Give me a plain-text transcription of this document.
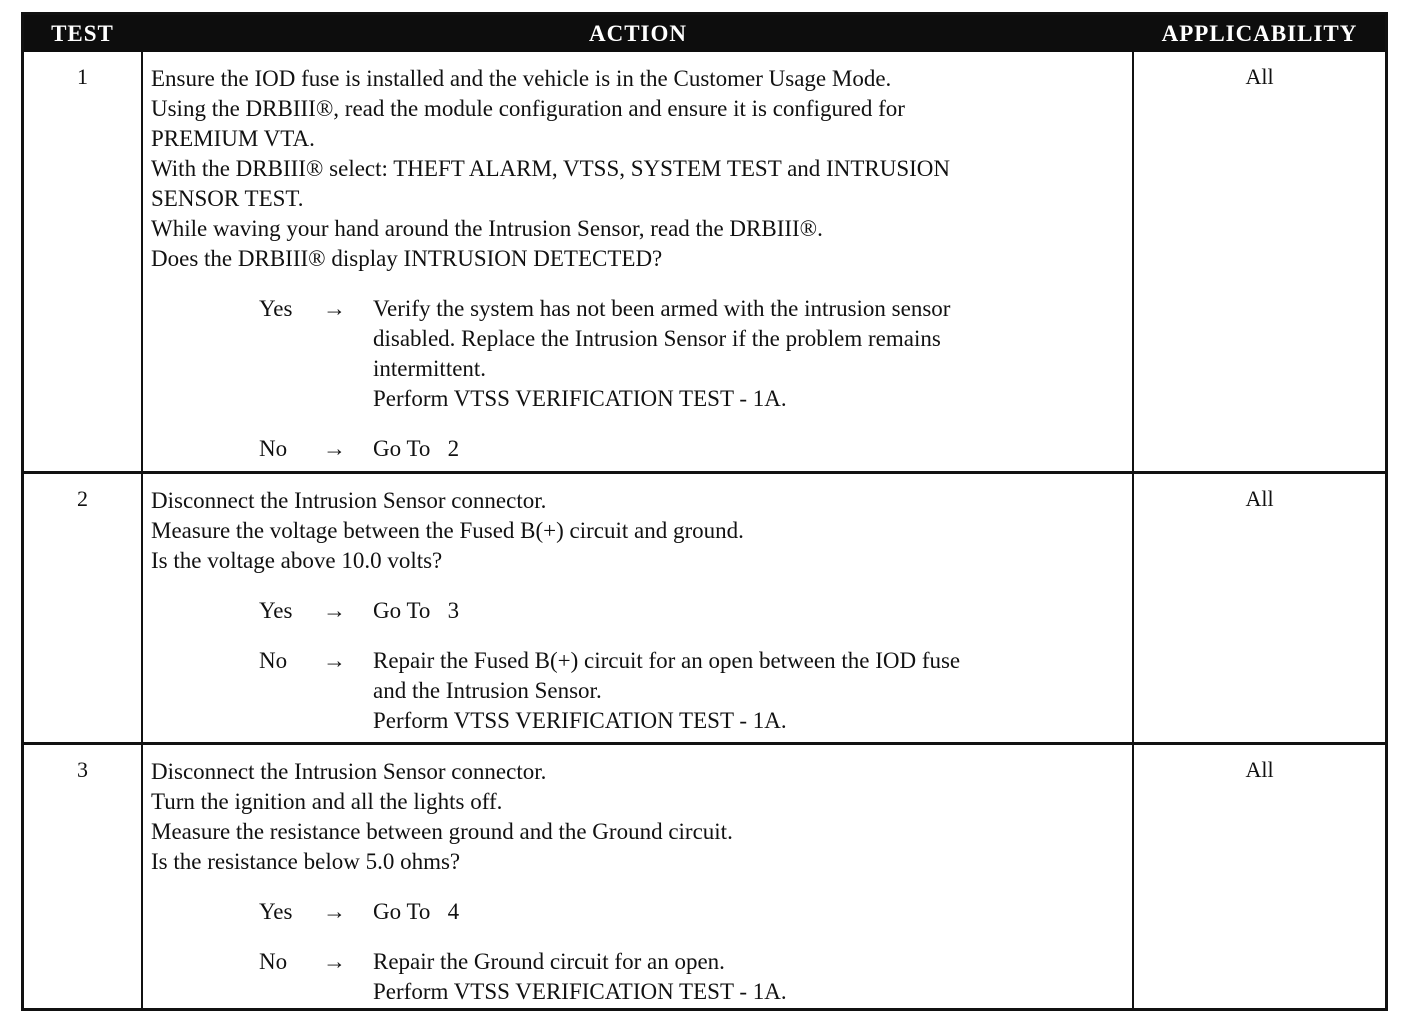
TEST	ACTION	APPLICABILITY
1	Ensure the IOD fuse is installed and the vehicle is in the Customer Usage Mode.
Using the DRBIII®, read the module configuration and ensure it is configured for
PREMIUM VTA.
With the DRBIII® select: THEFT ALARM, VTSS, SYSTEM TEST and INTRUSION
SENSOR TEST.
While waving your hand around the Intrusion Sensor, read the DRBIII®.
Does the DRBIII® display INTRUSION DETECTED?
Yes	→	Verify the system has not been armed with the intrusion sensor
disabled. Replace the Intrusion Sensor if the problem remains
intermittent.
Perform VTSS VERIFICATION TEST - 1A.
No	→	Go To   2
All
2	Disconnect the Intrusion Sensor connector.
Measure the voltage between the Fused B(+) circuit and ground.
Is the voltage above 10.0 volts?
Yes	→	Go To   3
No	→	Repair the Fused B(+) circuit for an open between the IOD fuse
and the Intrusion Sensor.
Perform VTSS VERIFICATION TEST - 1A.
All
3	Disconnect the Intrusion Sensor connector.
Turn the ignition and all the lights off.
Measure the resistance between ground and the Ground circuit.
Is the resistance below 5.0 ohms?
Yes	→	Go To   4
No	→	Repair the Ground circuit for an open.
Perform VTSS VERIFICATION TEST - 1A.
All
